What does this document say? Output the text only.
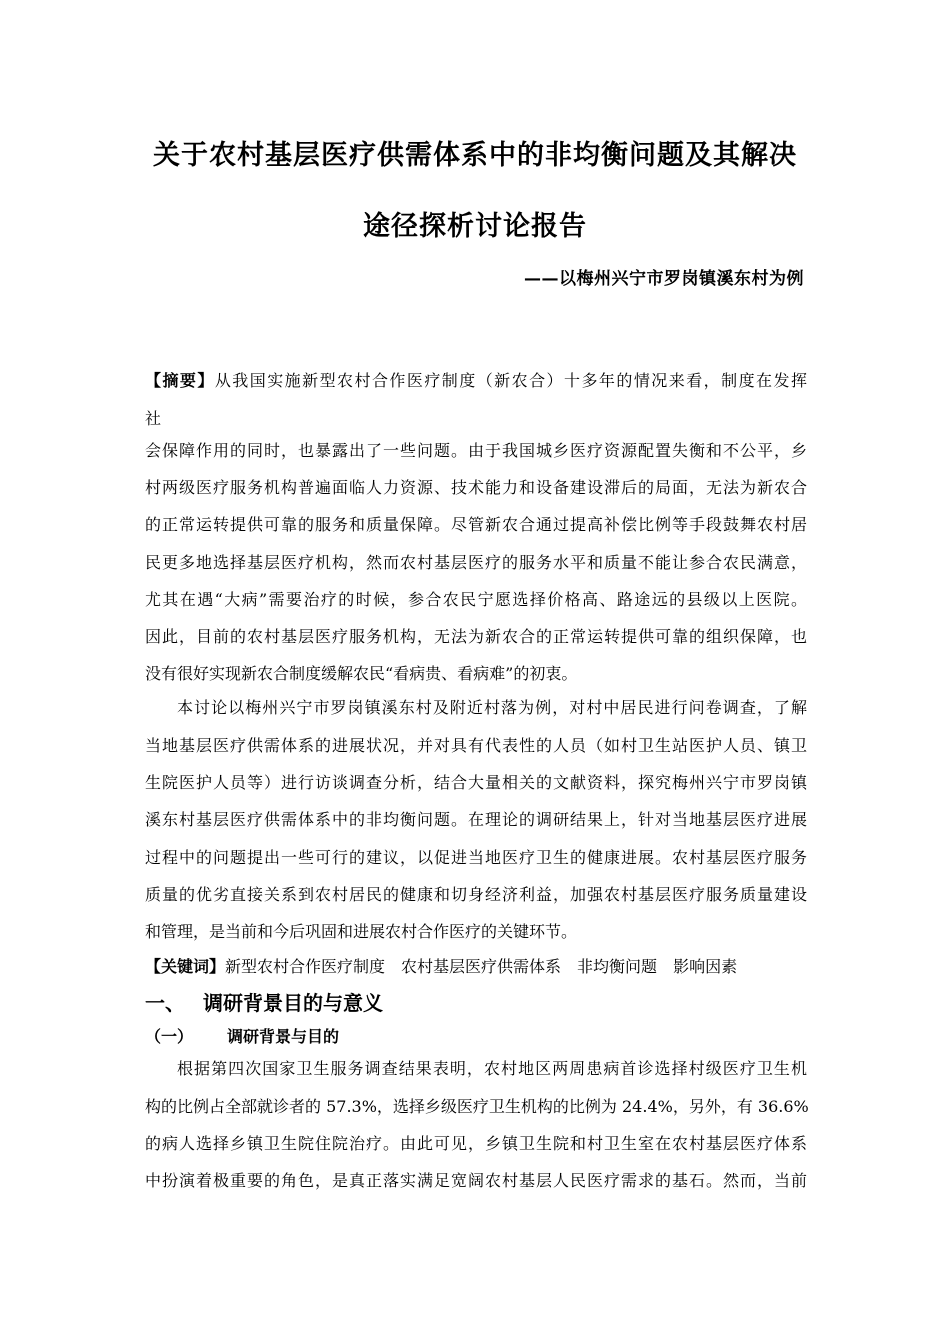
关于农村基层医疗供需体系中的非均衡问题及其解决
途径探析讨论报告
——以梅州兴宁市罗岗镇溪东村为例
【摘要】从我国实施新型农村合作医疗制度（新农合）十多年的情况来看，制度在发挥
社
会保障作用的同时，也暴露出了一些问题。由于我国城乡医疗资源配置失衡和不公平，乡
村两级医疗服务机构普遍面临人力资源、技术能力和设备建设滞后的局面，无法为新农合
的正常运转提供可靠的服务和质量保障。尽管新农合通过提高补偿比例等手段鼓舞农村居
民更多地选择基层医疗机构，然而农村基层医疗的服务水平和质量不能让参合农民满意，
尤其在遇“大病”需要治疗的时候，参合农民宁愿选择价格高、路途远的县级以上医院。
因此，目前的农村基层医疗服务机构，无法为新农合的正常运转提供可靠的组织保障，也
没有很好实现新农合制度缓解农民“看病贵、看病难”的初衷。
本讨论以梅州兴宁市罗岗镇溪东村及附近村落为例，对村中居民进行问卷调查，了解
当地基层医疗供需体系的进展状况，并对具有代表性的人员（如村卫生站医护人员、镇卫
生院医护人员等）进行访谈调查分析，结合大量相关的文献资料，探究梅州兴宁市罗岗镇
溪东村基层医疗供需体系中的非均衡问题。在理论的调研结果上，针对当地基层医疗进展
过程中的问题提出一些可行的建议，以促进当地医疗卫生的健康进展。农村基层医疗服务
质量的优劣直接关系到农村居民的健康和切身经济利益，加强农村基层医疗服务质量建设
和管理，是当前和今后巩固和进展农村合作医疗的关键环节。
【关键词】新型农村合作医疗制度 农村基层医疗供需体系 非均衡问题 影响因素
一、 调研背景目的与意义
（一） 调研背景与目的
根据第四次国家卫生服务调查结果表明，农村地区两周患病首诊选择村级医疗卫生机
构的比例占全部就诊者的 57.3%，选择乡级医疗卫生机构的比例为 24.4%，另外，有 36.6%
的病人选择乡镇卫生院住院治疗。由此可见，乡镇卫生院和村卫生室在农村基层医疗体系
中扮演着极重要的角色，是真正落实满足宽阔农村基层人民医疗需求的基石。然而，当前
